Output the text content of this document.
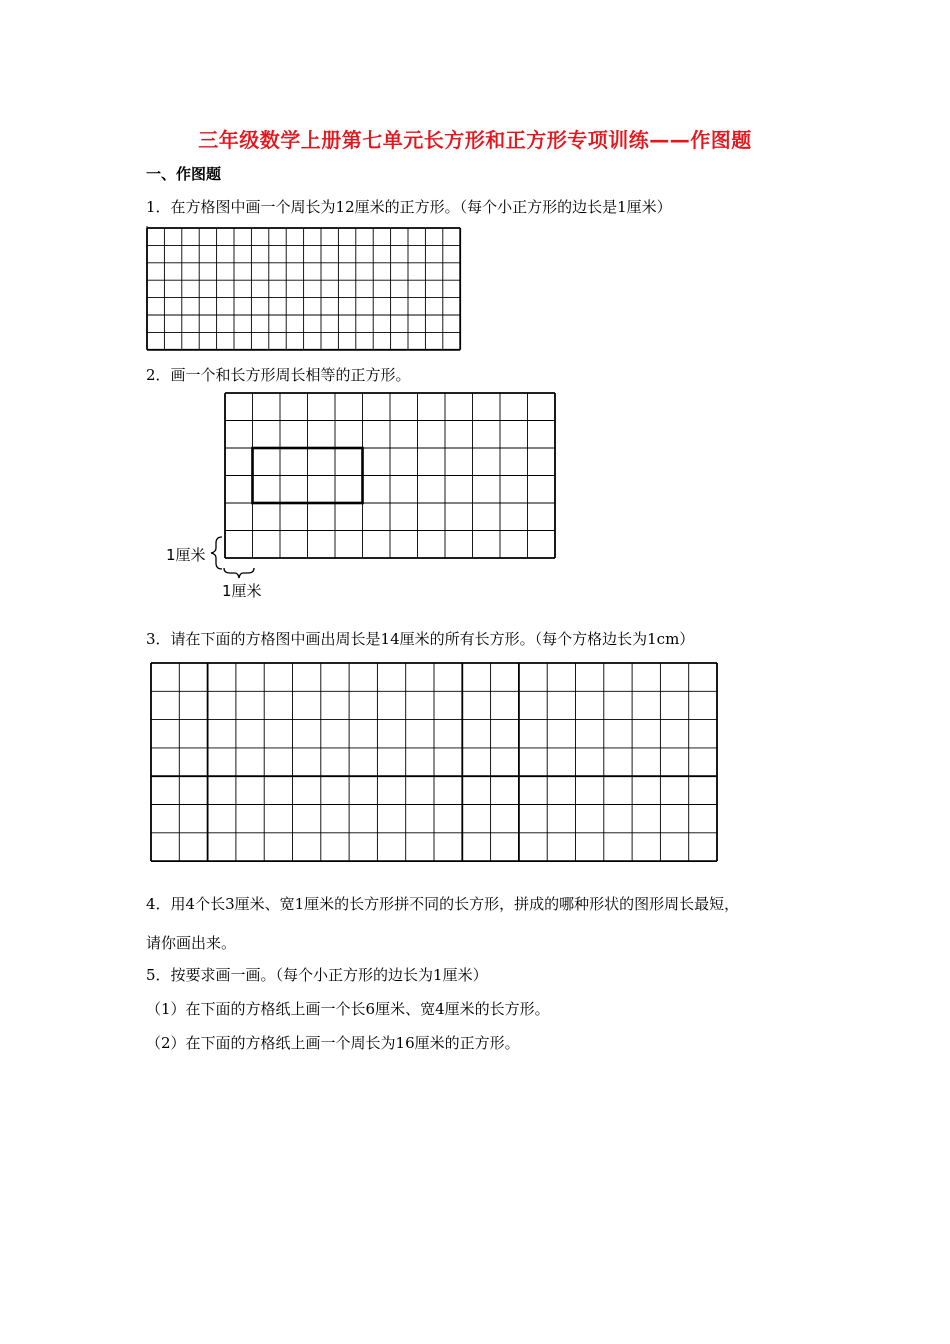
三年级数学上册第七单元长方形和正方形专项训练——作图题
一、作图题
1．在方格图中画一个周长为12厘米的正方形。（每个小正方形的边长是1厘米）
2．画一个和长方形周长相等的正方形。
1厘米
1厘米
3．请在下面的方格图中画出周长是14厘米的所有长方形。（每个方格边长为1cm）
4．用4个长3厘米、宽1厘米的长方形拼不同的长方形，拼成的哪种形状的图形周长最短，
请你画出来。
5．按要求画一画。（每个小正方形的边长为1厘米）
（1）在下面的方格纸上画一个长6厘米、宽4厘米的长方形。
（2）在下面的方格纸上画一个周长为16厘米的正方形。
